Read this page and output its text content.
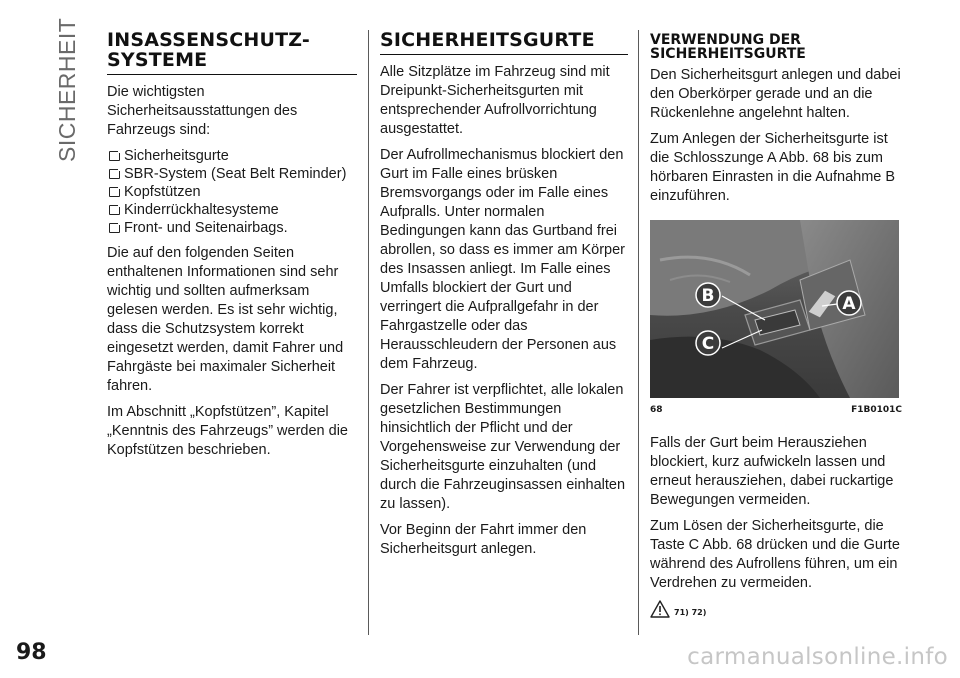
SICHERHEIT
98
INSASSENSCHUTZ-SYSTEME

Die wichtigsten Sicherheitsausstattungen des Fahrzeugs sind:

Sicherheitsgurte
SBR-System (Seat Belt Reminder)
Kopfstützen
Kinderrückhaltesysteme
Front- und Seitenairbags.

Die auf den folgenden Seiten enthaltenen Informationen sind sehr wichtig und sollten aufmerksam gelesen werden. Es ist sehr wichtig, dass die Schutzsystem korrekt eingesetzt werden, damit Fahrer und Fahrgäste bei maximaler Sicherheit fahren.

Im Abschnitt „Kopfstützen”, Kapitel „Kenntnis des Fahrzeugs” werden die Kopfstützen beschrieben.

SICHERHEITSGURTE

Alle Sitzplätze im Fahrzeug sind mit Dreipunkt-Sicherheitsgurten mit entsprechender Aufrollvorrichtung ausgestattet.

Der Aufrollmechanismus blockiert den Gurt im Falle eines brüsken Bremsvorgangs oder im Falle eines Aufpralls. Unter normalen Bedingungen kann das Gurtband frei abrollen, so dass es immer am Körper des Insassen anliegt. Im Falle eines Umfalls blockiert der Gurt und verringert die Aufprallgefahr in der Fahrgastzelle oder das Herausschleudern der Personen aus dem Fahrzeug.

Der Fahrer ist verpflichtet, alle lokalen gesetzlichen Bestimmungen hinsichtlich der Pflicht und der Vorgehensweise zur Verwendung der Sicherheitsgurte einzuhalten (und durch die Fahrzeuginsassen einhalten zu lassen).

Vor Beginn der Fahrt immer den Sicherheitsgurt anlegen.

VERWENDUNG DER SICHERHEITSGURTE

Den Sicherheitsgurt anlegen und dabei den Oberkörper gerade und an die Rückenlehne angelehnt halten.

Zum Anlegen der Sicherheitsgurte ist die Schlosszunge A Abb. 68 bis zum hörbaren Einrasten in die Aufnahme B einzuführen.

B
C
A
68	F1B0101C

Falls der Gurt beim Herausziehen blockiert, kurz aufwickeln lassen und erneut herausziehen, dabei ruckartige Bewegungen vermeiden.

Zum Lösen der Sicherheitsgurte, die Taste C Abb. 68 drücken und die Gurte während des Aufrollens führen, um ein Verdrehen zu vermeiden.

71) 72)
carmanualsonline.info
